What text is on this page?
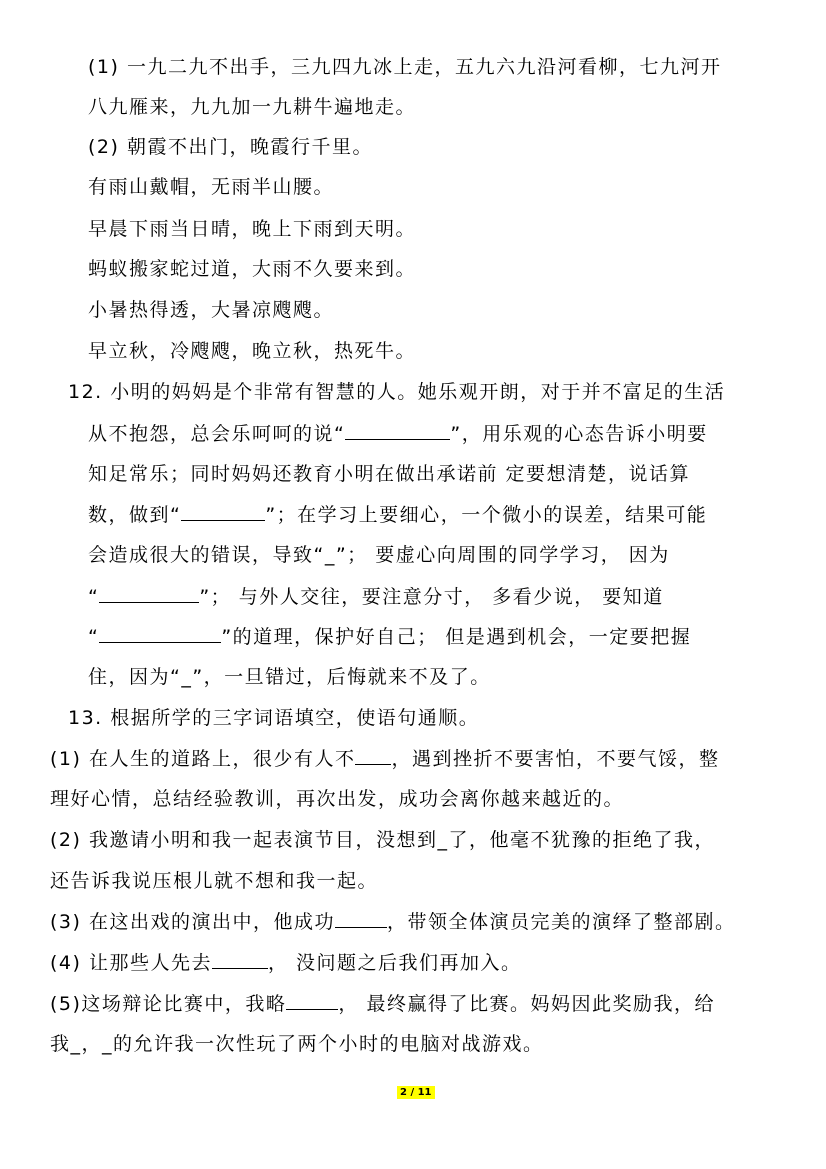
(1) 一九二九不出手，三九四九冰上走，五九六九沿河看柳，七九河开
八九雁来，九九加一九耕牛遍地走。
(2) 朝霞不出门，晚霞行千里。
有雨山戴帽，无雨半山腰。
早晨下雨当日晴，晚上下雨到天明。
蚂蚁搬家蛇过道，大雨不久要来到。
小暑热得透，大暑凉飕飕。
早立秋，冷飕飕，晚立秋，热死牛。
12. 小明的妈妈是个非常有智慧的人。她乐观开朗，对于并不富足的生活
从不抱怨，总会乐呵呵的说“	”，用乐观的心态告诉小明要
知足常乐；同时妈妈还教育小明在做出承诺前 定要想清楚，说话算
数，做到“	”；在学习上要细心，一个微小的误差，结果可能
会造成很大的错误，导致“_”； 要虚心向周围的同学学习， 因为
“	”； 与外人交往，要注意分寸， 多看少说， 要知道
“	”的道理，保护好自己； 但是遇到机会，一定要把握
住，因为“_”，一旦错过，后悔就来不及了。
13. 根据所学的三字词语填空，使语句通顺。
(1) 在人生的道路上，很少有人不 ，遇到挫折不要害怕，不要气馁，整
理好心情，总结经验教训，再次出发，成功会离你越来越近的。
(2) 我邀请小明和我一起表演节目，没想到_了，他毫不犹豫的拒绝了我，
还告诉我说压根儿就不想和我一起。
(3) 在这出戏的演出中，他成功	，带领全体演员完美的演绎了整部剧。
(4) 让那些人先去	， 没问题之后我们再加入。
(5)这场辩论比赛中，我略	， 最终赢得了比赛。妈妈因此奖励我，给
我_，_的允许我一次性玩了两个小时的电脑对战游戏。
2 / 11
